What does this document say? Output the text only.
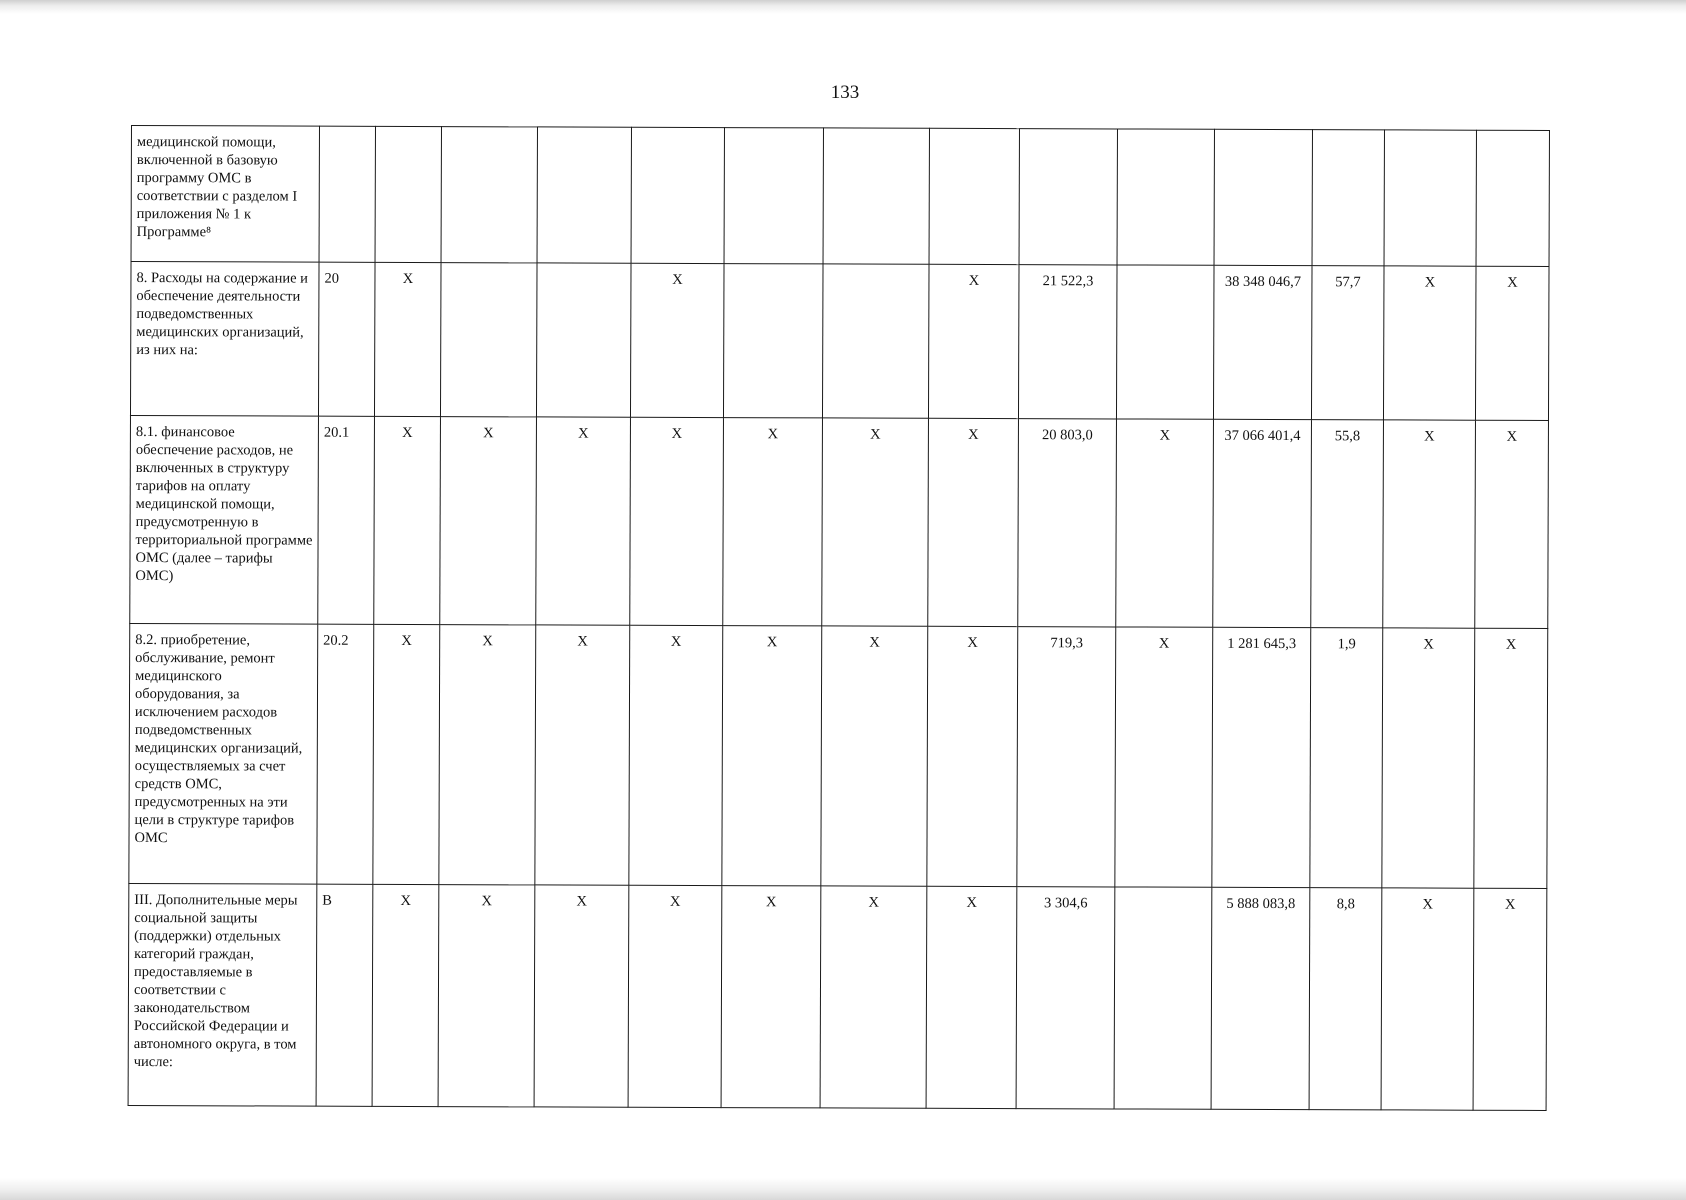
133
медицинской помощи, включенной в базовую программу ОМС в соответствии с разделом I приложения № 1 к Программе⁸															
8. Расходы на содержание и обеспечение деятельности подведомственных медицинских организаций, из них на:	20	X			X			X	21 522,3		38 348 046,7	57,7	X	X	
8.1. финансовое обеспечение расходов, не включенных в структуру тарифов на оплату медицинской помощи, предусмотренную в территориальной программе ОМС (далее – тарифы ОМС)	20.1	X	X	X	X	X	X	X	20 803,0	X	37 066 401,4	55,8	X	X	
8.2. приобретение, обслуживание, ремонт медицинского оборудования, за исключением расходов подведомственных медицинских организаций, осуществляемых за счет средств ОМС, предусмотренных на эти цели в структуре тарифов ОМС	20.2	X	X	X	X	X	X	X	719,3	X	1 281 645,3	1,9	X	X	
III. Дополнительные меры социальной защиты (поддержки) отдельных категорий граждан, предоставляемые в соответствии с законодательством Российской Федерации и автономного округа, в том числе:	В	X	X	X	X	X	X	X	3 304,6		5 888 083,8	8,8	X	X	
